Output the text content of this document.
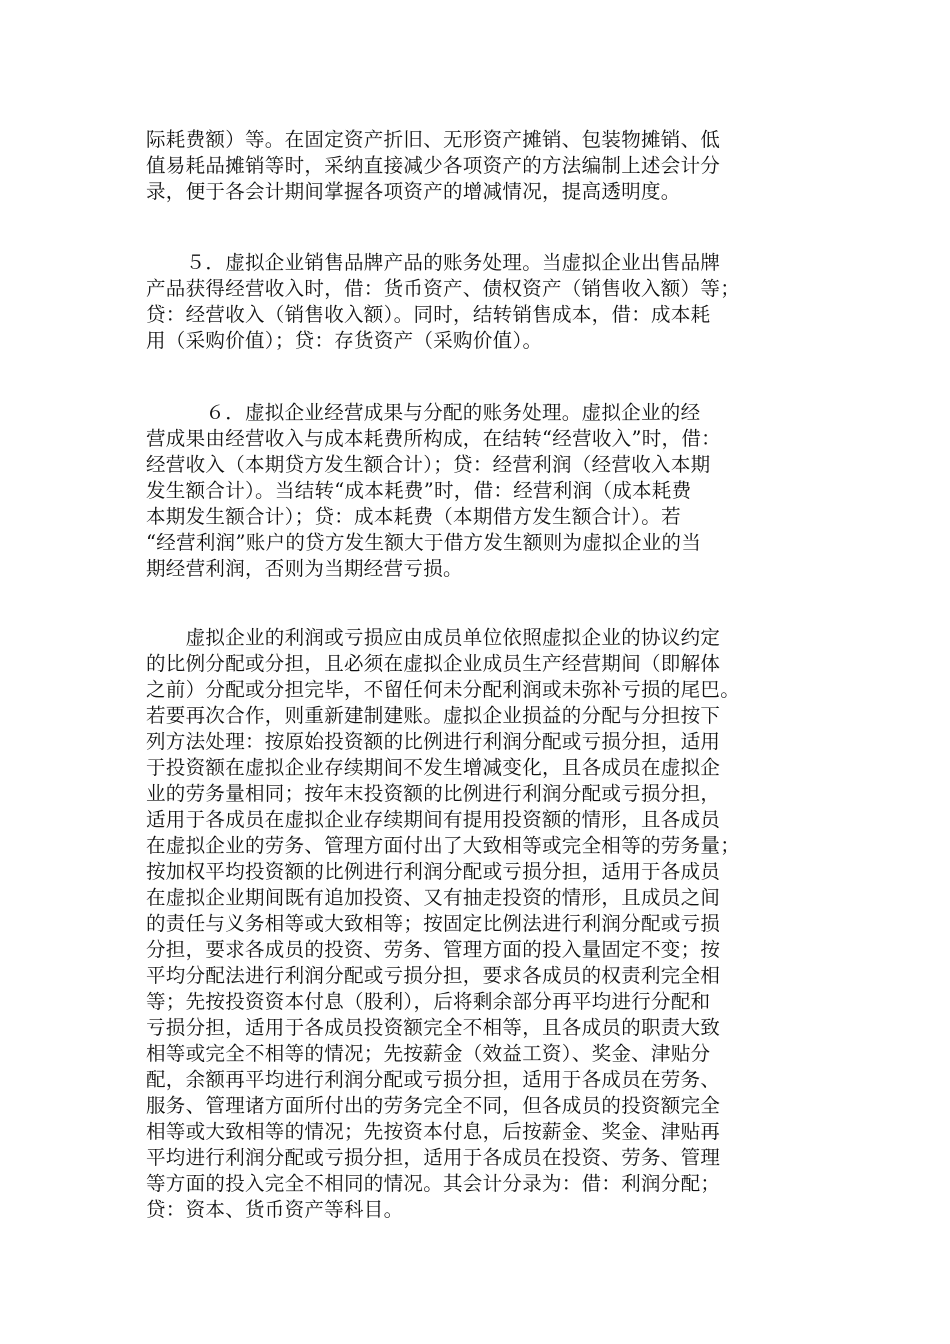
际耗费额）等。在固定资产折旧、无形资产摊销、包装物摊销、低
值易耗品摊销等时，采纳直接减少各项资产的方法编制上述会计分
录，便于各会计期间掌握各项资产的增减情况，提高透明度。
　　５．虚拟企业销售品牌产品的账务处理。当虚拟企业出售品牌
产品获得经营收入时，借：货币资产、债权资产（销售收入额）等；
贷：经营收入（销售收入额）。同时，结转销售成本，借：成本耗
用（采购价值）；贷：存货资产（采购价值）。
　　　６．虚拟企业经营成果与分配的账务处理。虚拟企业的经
营成果由经营收入与成本耗费所构成，在结转“经营收入”时，借：
经营收入（本期贷方发生额合计）；贷：经营利润（经营收入本期
发生额合计）。当结转“成本耗费”时，借：经营利润（成本耗费
本期发生额合计）；贷：成本耗费（本期借方发生额合计）。若
“经营利润”账户的贷方发生额大于借方发生额则为虚拟企业的当
期经营利润，否则为当期经营亏损。
　　虚拟企业的利润或亏损应由成员单位依照虚拟企业的协议约定
的比例分配或分担，且必须在虚拟企业成员生产经营期间（即解体
之前）分配或分担完毕，不留任何未分配利润或未弥补亏损的尾巴。
若要再次合作，则重新建制建账。虚拟企业损益的分配与分担按下
列方法处理：按原始投资额的比例进行利润分配或亏损分担，适用
于投资额在虚拟企业存续期间不发生增减变化，且各成员在虚拟企
业的劳务量相同；按年末投资额的比例进行利润分配或亏损分担，
适用于各成员在虚拟企业存续期间有提用投资额的情形，且各成员
在虚拟企业的劳务、管理方面付出了大致相等或完全相等的劳务量；
按加权平均投资额的比例进行利润分配或亏损分担，适用于各成员
在虚拟企业期间既有追加投资、又有抽走投资的情形，且成员之间
的责任与义务相等或大致相等；按固定比例法进行利润分配或亏损
分担，要求各成员的投资、劳务、管理方面的投入量固定不变；按
平均分配法进行利润分配或亏损分担，要求各成员的权责利完全相
等；先按投资资本付息（股利），后将剩余部分再平均进行分配和
亏损分担，适用于各成员投资额完全不相等，且各成员的职责大致
相等或完全不相等的情况；先按薪金（效益工资）、奖金、津贴分
配，余额再平均进行利润分配或亏损分担，适用于各成员在劳务、
服务、管理诸方面所付出的劳务完全不同，但各成员的投资额完全
相等或大致相等的情况；先按资本付息，后按薪金、奖金、津贴再
平均进行利润分配或亏损分担，适用于各成员在投资、劳务、管理
等方面的投入完全不相同的情况。其会计分录为：借：利润分配；
贷：资本、货币资产等科目。
